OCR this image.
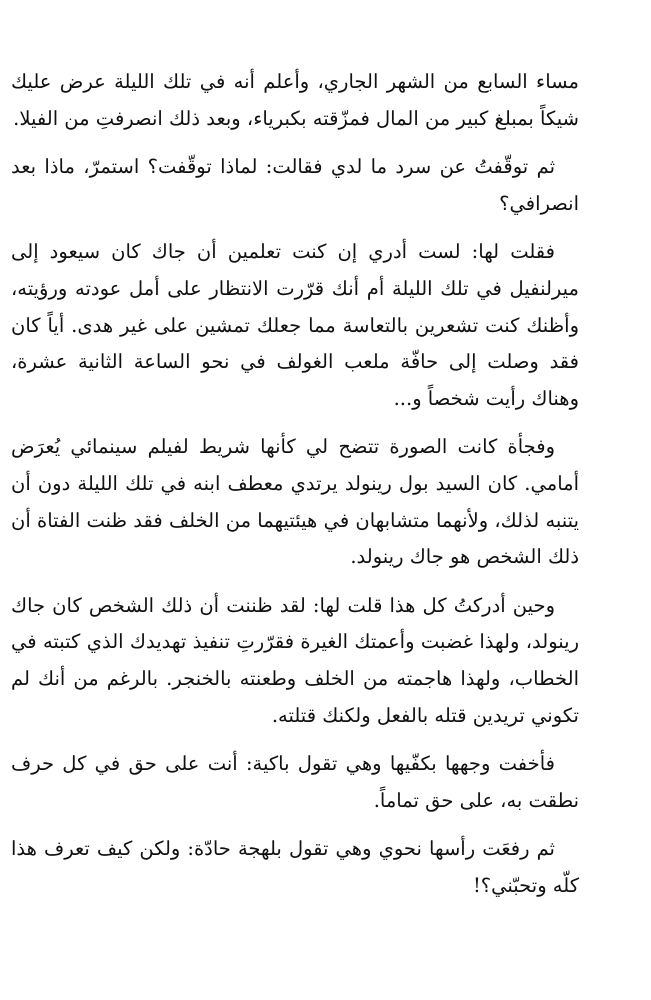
مساء السابع من الشهر الجاري، وأعلم أنه في تلك الليلة عرض عليك شيكاً بمبلغ كبير من المال فمزّقته بكبرياء، وبعد ذلك انصرفتِ من الفيلا.

ثم توقّفتُ عن سرد ما لدي فقالت: لماذا توقّفت؟ استمرّ، ماذا بعد انصرافي؟

فقلت لها: لست أدري إن كنت تعلمين أن جاك كان سيعود إلى ميرلنفيل في تلك الليلة أم أنك قرّرت الانتظار على أمل عودته ورؤيته، وأظنك كنت تشعرين بالتعاسة مما جعلك تمشين على غير هدى. أياً كان فقد وصلت إلى حافّة ملعب الغولف في نحو الساعة الثانية عشرة، وهناك رأيت شخصاً و...

وفجأة كانت الصورة تتضح لي كأنها شريط لفيلم سينمائي يُعرَض أمامي. كان السيد بول رينولد يرتدي معطف ابنه في تلك الليلة دون أن يتنبه لذلك، ولأنهما متشابهان في هيئتيهما من الخلف فقد ظنت الفتاة أن ذلك الشخص هو جاك رينولد.

وحين أدركتُ كل هذا قلت لها: لقد ظننت أن ذلك الشخص كان جاك رينولد، ولهذا غضبت وأعمتك الغيرة فقرّرتِ تنفيذ تهديدك الذي كتبته في الخطاب، ولهذا هاجمته من الخلف وطعنته بالخنجر. بالرغم من أنك لم تكوني تريدين قتله بالفعل ولكنك قتلته.

فأخفت وجهها بكفّيها وهي تقول باكية: أنت على حق في كل حرف نطقت به، على حق تماماً.

ثم رفعَت رأسها نحوي وهي تقول بلهجة حادّة: ولكن كيف تعرف هذا كلّه وتحبّني؟!
